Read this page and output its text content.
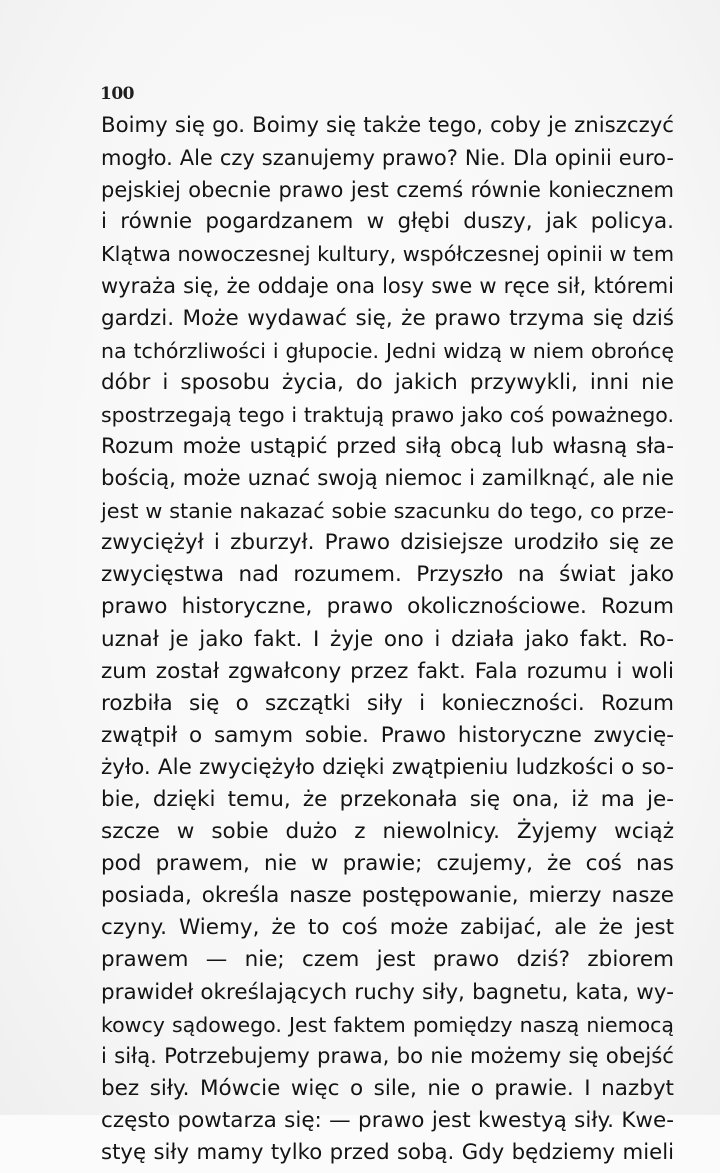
100
Boimy się go. Boimy się także tego, coby je zniszczyć
mogło. Ale czy szanujemy prawo? Nie. Dla opinii euro-
pejskiej obecnie prawo jest czemś równie koniecznem
i równie pogardzanem w głębi duszy, jak policya.
Klątwa nowoczesnej kultury, współczesnej opinii w tem
wyraża się, że oddaje ona losy swe w ręce sił, któremi
gardzi. Może wydawać się, że prawo trzyma się dziś
na tchórzliwości i głupocie. Jedni widzą w niem obrońcę
dóbr i sposobu życia, do jakich przywykli, inni nie
spostrzegają tego i traktują prawo jako coś poważnego.
Rozum może ustąpić przed siłą obcą lub własną sła-
bością, może uznać swoją niemoc i zamilknąć, ale nie
jest w stanie nakazać sobie szacunku do tego, co prze-
zwyciężył i zburzył. Prawo dzisiejsze urodziło się ze
zwycięstwa nad rozumem. Przyszło na świat jako
prawo historyczne, prawo okolicznościowe. Rozum
uznał je jako fakt. I żyje ono i działa jako fakt. Ro-
zum został zgwałcony przez fakt. Fala rozumu i woli
rozbiła się o szczątki siły i konieczności. Rozum
zwątpił o samym sobie. Prawo historyczne zwycię-
żyło. Ale zwyciężyło dzięki zwątpieniu ludzkości o so-
bie, dzięki temu, że przekonała się ona, iż ma je-
szcze w sobie dużo z niewolnicy. Żyjemy wciąż
pod prawem, nie w prawie; czujemy, że coś nas
posiada, określa nasze postępowanie, mierzy nasze
czyny. Wiemy, że to coś może zabijać, ale że jest
prawem — nie; czem jest prawo dziś? zbiorem
prawideł określających ruchy siły, bagnetu, kata, wy-
kowcy sądowego. Jest faktem pomiędzy naszą niemocą
i siłą. Potrzebujemy prawa, bo nie możemy się obejść
bez siły. Mówcie więc o sile, nie o prawie. I nazbyt
często powtarza się: — prawo jest kwestyą siły. Kwe-
styę siły mamy tylko przed sobą. Gdy będziemy mieli
